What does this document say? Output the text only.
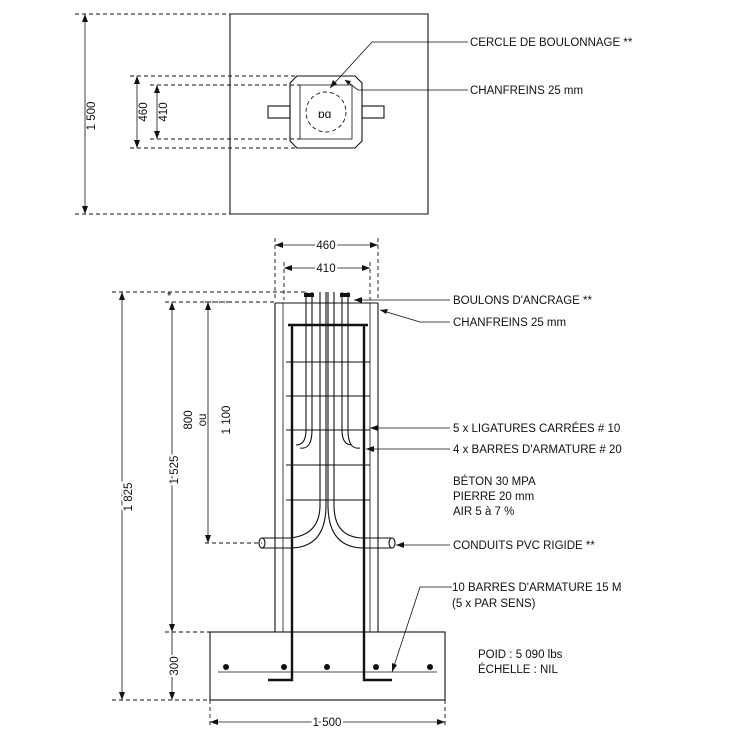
1 500	ɒɑ
460 410
CERCLE DE BOULONNAGE **
CHANFREINS 25 mm
460
410
1 825
1 525
300
800 ou 1 100
*
1 500
BOULONS D'ANCRAGE **
CHANFREINS 25 mm
5 x LIGATURES CARRÉES # 10
4 x BARRES D'ARMATURE # 20
BÉTON 30 MPA
PIERRE 20 mm
AIR 5 à 7 %
CONDUITS PVC RIGIDE **
10 BARRES D'ARMATURE 15 M
(5 x PAR SENS)
POID : 5 090 lbs
ÉCHELLE : NIL
